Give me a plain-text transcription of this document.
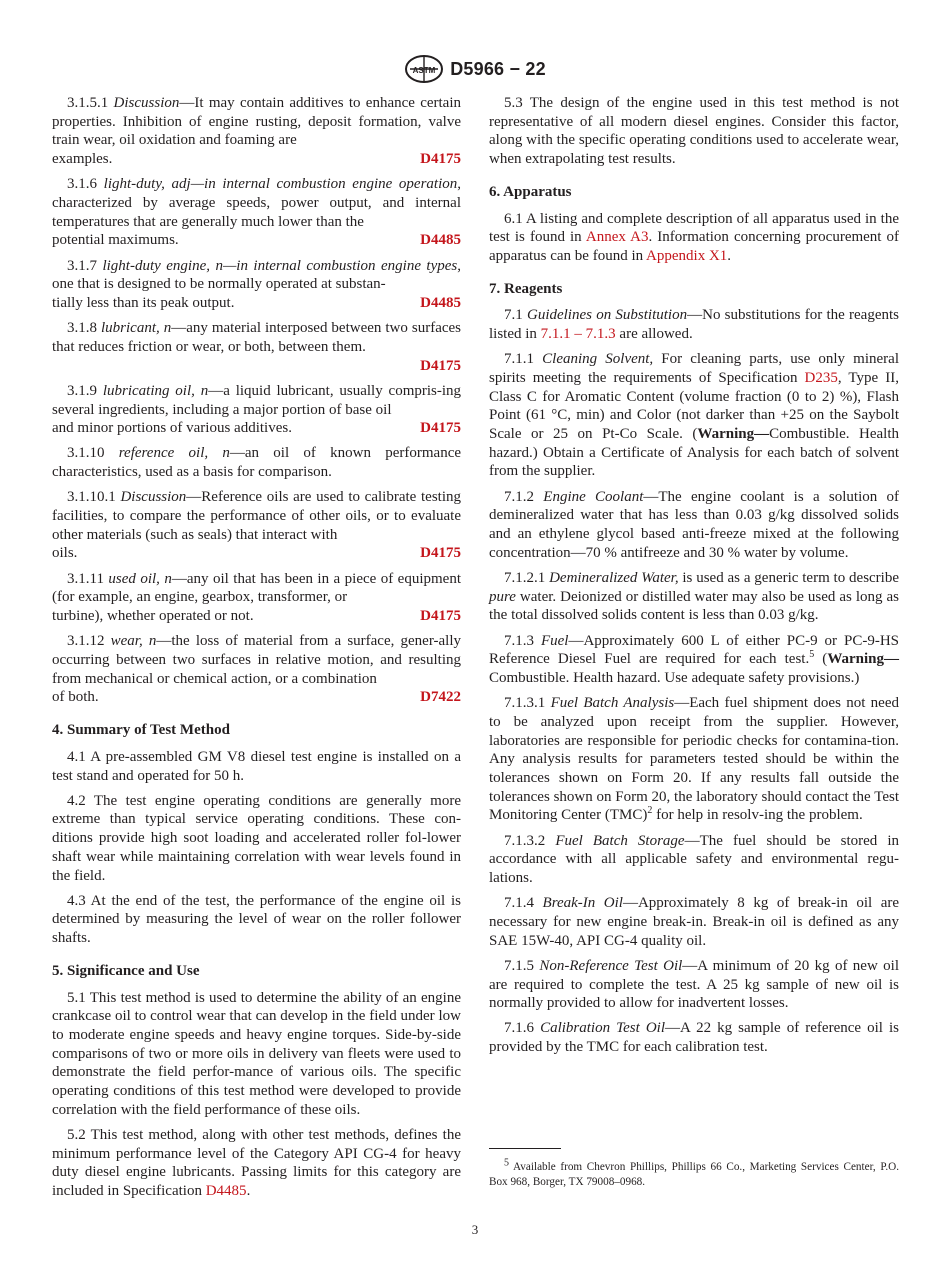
ASTM D5966 − 22

3.1.5.1 Discussion—It may contain additives to enhance certain properties. Inhibition of engine rusting, deposit formation, valve train wear, oil oxidation and foaming are
examples.	D4175

3.1.6 light-duty, adj—in internal combustion engine operation, characterized by average speeds, power output, and internal temperatures that are generally much lower than the
potential maximums.	D4485

3.1.7 light-duty engine, n—in internal combustion engine types, one that is designed to be normally operated at substan-
tially less than its peak output.	D4485

3.1.8 lubricant, n—any material interposed between two surfaces that reduces friction or wear, or both, between them.
D4175

3.1.9 lubricating oil, n—a liquid lubricant, usually compris-ing several ingredients, including a major portion of base oil
and minor portions of various additives.	D4175

3.1.10 reference oil, n—an oil of known performance characteristics, used as a basis for comparison.

3.1.10.1 Discussion—Reference oils are used to calibrate testing facilities, to compare the performance of other oils, or to evaluate other materials (such as seals) that interact with
oils.	D4175

3.1.11 used oil, n—any oil that has been in a piece of equipment (for example, an engine, gearbox, transformer, or
turbine), whether operated or not.	D4175

3.1.12 wear, n—the loss of material from a surface, gener-ally occurring between two surfaces in relative motion, and resulting from mechanical or chemical action, or a combination
of both.	D7422

4. Summary of Test Method

4.1 A pre-assembled GM V8 diesel test engine is installed on a test stand and operated for 50 h.

4.2 The test engine operating conditions are generally more extreme than typical service operating conditions. These con-ditions provide high soot loading and accelerated roller fol-lower shaft wear while maintaining correlation with wear levels found in the field.

4.3 At the end of the test, the performance of the engine oil is determined by measuring the level of wear on the roller follower shafts.

5. Significance and Use

5.1 This test method is used to determine the ability of an engine crankcase oil to control wear that can develop in the field under low to moderate engine speeds and heavy engine torques. Side-by-side comparisons of two or more oils in delivery van fleets were used to demonstrate the field perfor-mance of various oils. The specific operating conditions of this test method were developed to provide correlation with the field performance of these oils.

5.2 This test method, along with other test methods, defines the minimum performance level of the Category API CG-4 for heavy duty diesel engine lubricants. Passing limits for this category are included in Specification D4485.

5.3 The design of the engine used in this test method is not representative of all modern diesel engines. Consider this factor, along with the specific operating conditions used to accelerate wear, when extrapolating test results.

6. Apparatus

6.1 A listing and complete description of all apparatus used in the test is found in Annex A3. Information concerning procurement of apparatus can be found in Appendix X1.

7. Reagents

7.1 Guidelines on Substitution—No substitutions for the reagents listed in 7.1.1 – 7.1.3 are allowed.

7.1.1 Cleaning Solvent, For cleaning parts, use only mineral spirits meeting the requirements of Specification D235, Type II, Class C for Aromatic Content (volume fraction (0 to 2) %), Flash Point (61 °C, min) and Color (not darker than +25 on the Saybolt Scale or 25 on Pt-Co Scale. (Warning—Combustible. Health hazard.) Obtain a Certificate of Analysis for each batch of solvent from the supplier.

7.1.2 Engine Coolant—The engine coolant is a solution of demineralized water that has less than 0.03 g/kg dissolved solids and an ethylene glycol based anti-freeze mixed at the following concentration—70 % antifreeze and 30 % water by volume.

7.1.2.1 Demineralized Water, is used as a generic term to describe pure water. Deionized or distilled water may also be used as long as the total dissolved solids content is less than 0.03 g/kg.

7.1.3 Fuel—Approximately 600 L of either PC-9 or PC-9-HS Reference Diesel Fuel are required for each test.$^5$ (Warning—Combustible. Health hazard. Use adequate safety provisions.)

7.1.3.1 Fuel Batch Analysis—Each fuel shipment does not need to be analyzed upon receipt from the supplier. However, laboratories are responsible for periodic checks for contamina-tion. Any analysis results for parameters tested should be within the tolerances shown on Form 20. If any results fall outside the tolerances shown on Form 20, the laboratory should contact the Test Monitoring Center (TMC)$^2$ for help in resolv-ing the problem.

7.1.3.2 Fuel Batch Storage—The fuel should be stored in accordance with all applicable safety and environmental regu-lations.

7.1.4 Break-In Oil—Approximately 8 kg of break-in oil are necessary for new engine break-in. Break-in oil is defined as any SAE 15W-40, API CG-4 quality oil.

7.1.5 Non-Reference Test Oil—A minimum of 20 kg of new oil are required to complete the test. A 25 kg sample of new oil is normally provided to allow for inadvertent losses.

7.1.6 Calibration Test Oil—A 22 kg sample of reference oil is provided by the TMC for each calibration test.

$^5$ Available from Chevron Phillips, Phillips 66 Co., Marketing Services Center, P.O. Box 968, Borger, TX 79008–0968.
3
